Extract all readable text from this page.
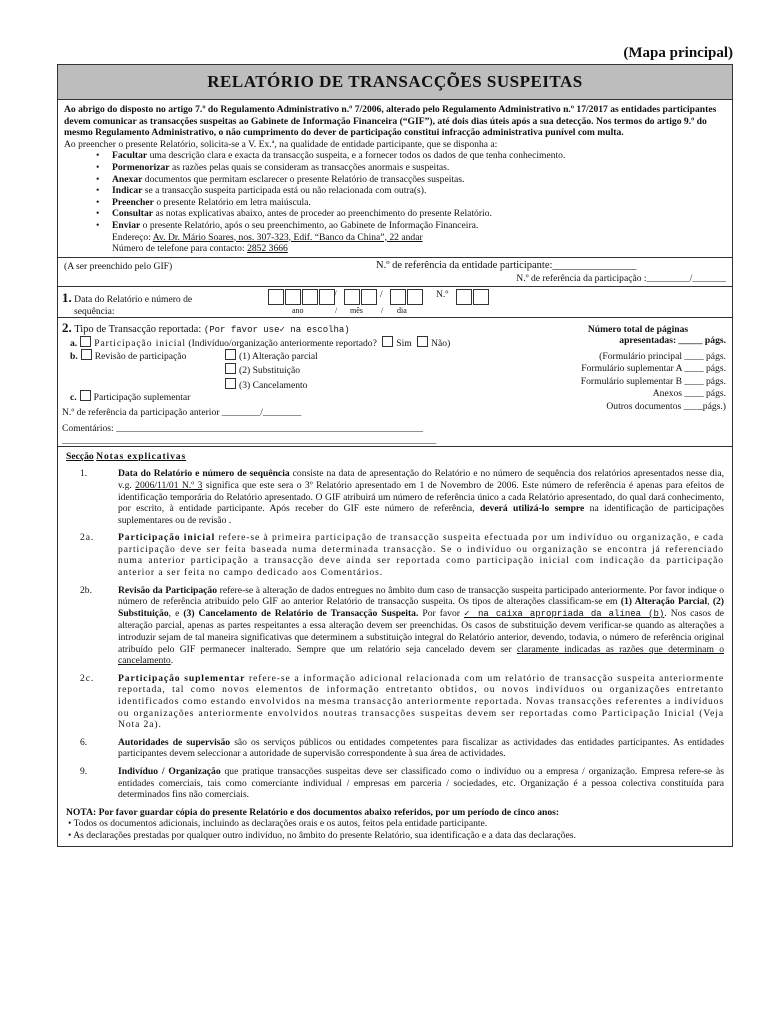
(Mapa principal)
RELATÓRIO DE TRANSACÇÕES SUSPEITAS
Ao abrigo do disposto no artigo 7.º do Regulamento Administrativo n.º 7/2006, alterado pelo Regulamento Administrativo n.º 17/2017 as entidades participantes devem comunicar as transacções suspeitas ao Gabinete de Informação Financeira (“GIF”), até dois dias úteis após a sua detecção. Nos termos do artigo 9.º do mesmo Regulamento Administrativo, o não cumprimento do dever de participação constitui infracção administrativa punível com multa.
Ao preencher o presente Relatório, solicita-se a V. Ex.ª, na qualidade de entidade participante, que se disponha a:
• Facultar uma descrição clara e exacta da transacção suspeita, e a fornecer todos os dados de que tenha conhecimento.
• Pormenorizar as razões pelas quais se consideram as transacções anormais e suspeitas.
• Anexar documentos que permitam esclarecer o presente Relatório de transacções suspeitas.
• Indicar se a transacção suspeita participada está ou não relacionada com outra(s).
• Preencher o presente Relatório em letra maiúscula.
• Consultar as notas explicativas abaixo, antes de proceder ao preenchimento do presente Relatório.
• Enviar o presente Relatório, após o seu preenchimento, ao Gabinete de Informação Financeira.
Endereço: Av. Dr. Mário Soares, nos. 307-323, Edif. “Banco da China”, 22 andar
Número de telefone para contacto: 2852 3666
(A ser preenchido pelo GIF)	N.º de referência da entidade participante:________________
N.º de referência da participação :_________/_______
1. Data do Relatório e número de
sequência:
/	/	N.º
ano	/ mês / dia
2. Tipo de Transacção reportada: (Por favor use✓ na escolha)
a. Participação inicial (Indivíduo/organização anteriormente reportado? Sim Não)
b. Revisão de participação	(1) Alteração parcial
(2) Substituição
(3) Cancelamento
c. Participação suplementar
N.º de referência da participação anterior ________/________
Comentários: ________________________________________________________________
______________________________________________________________________________
Número total de páginas
apresentadas: _____ págs.
(Formulário principal ____ págs.
Formulário suplementar A ____ págs.
Formulário suplementar B ____ págs.
Anexos ____ págs.
Outros documentos ____págs.)
Secção Notas explicativas
1.	Data do Relatório e número de sequência consiste na data de apresentação do Relatório e no número de sequência dos relatórios apresentados nesse dia, v.g. 2006/11/01 N.º 3 significa que este sera o 3º Relatório apresentado em 1 de Novembro de 2006. Este número de referência é apenas para efeitos de identificação temporária do Relatório apresentado. O GIF atribuirá um número de referência único a cada Relatório apresentado, do qual dará conhecimento, por escrito, à entidade participante. Após receber do GIF este número de referência, deverá utilizá-lo sempre na identificação de participações suplementares ou de revisão .
2a.	Participação inicial refere-se à primeira participação de transacção suspeita efectuada por um indivíduo ou organização, e cada participação deve ser feita baseada numa determinada transacção. Se o indivíduo ou organização se encontra já referenciado numa anterior participação a transacção deve ainda ser reportada como participação inicial com indicação da participação anterior a ser feita no campo dedicado aos Comentários.
2b.	Revisão da Participação refere-se à alteração de dados entregues no âmbito dum caso de transacção suspeita participado anteriormente. Por favor indique o número de referência atribuído pelo GIF ao anterior Relatório de transacção suspeita. Os tipos de alterações classificam-se em (1) Alteração Parcial, (2) Substituição, e (3) Cancelamento de Relatório de Transacção Suspeita. Por favor ✓ na caixa apropriada da alínea (b). Nos casos de alteração parcial, apenas as partes respeitantes a essa alteração devem ser preenchidas. Os casos de substituição devem verificar-se quando as alterações a introduzir sejam de tal maneira significativas que determinem a substituição integral do Relatório anterior, devendo, todavia, o número de referência original atribuído pelo GIF permanecer inalterado. Sempre que um relatório seja cancelado devem ser claramente indicadas as razões que determinam o cancelamento.
2c.	Participação suplementar refere-se a informação adicional relacionada com um relatório de transacção suspeita anteriormente reportada, tal como novos elementos de informação entretanto obtidos, ou novos indivíduos ou organizações entretanto identificados como estando envolvidos na mesma transacção anteriormente reportada. Novas transacções referentes a indivíduos ou organizações anteriormente envolvidos noutras transacções suspeitas devem ser reportadas como Participação Inicial (Veja Nota 2a).
6.	Autoridades de supervisão são os serviços públicos ou entidades competentes para fiscalizar as actividades das entidades participantes. As entidades participantes devem seleccionar a autoridade de supervisão correspondente à sua área de actividades.
9.	Indivíduo / Organização que pratique transacções suspeitas deve ser classificado como o indivíduo ou a empresa / organização. Empresa refere-se às entidades comerciais, tais como comerciante individual / empresas em parceria / sociedades, etc. Organização é a pessoa colectiva constituída para determinados fins não comerciais.
NOTA: Por favor guardar cópia do presente Relatório e dos documentos abaixo referidos, por um período de cinco anos:
• Todos os documentos adicionais, incluindo as declarações orais e os autos, feitos pela entidade participante.
• As declarações prestadas por qualquer outro indivíduo, no âmbito do presente Relatório, sua identificação e a data das declarações.
